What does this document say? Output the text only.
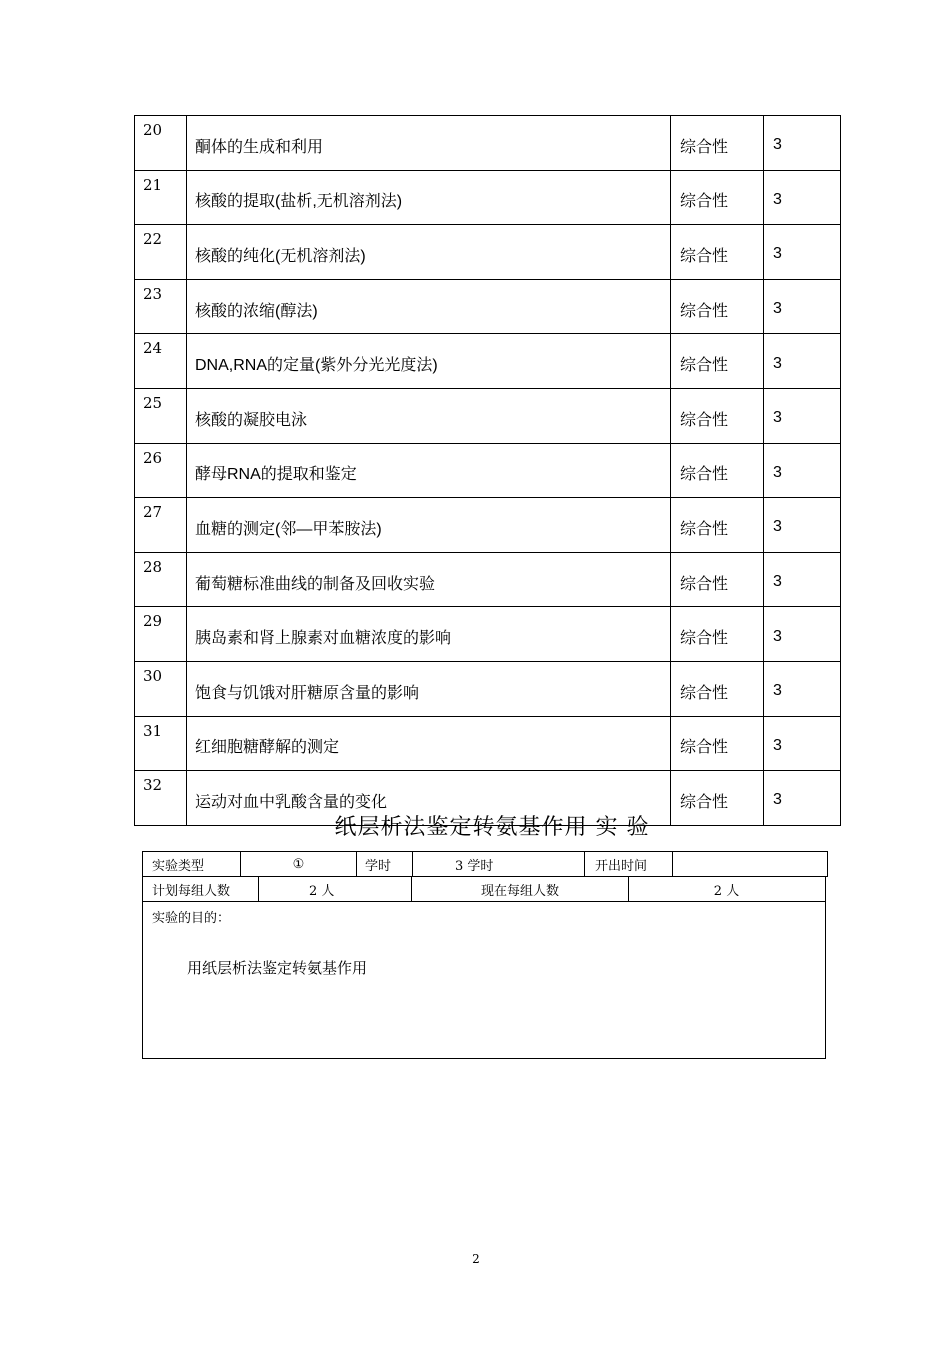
20	酮体的生成和利用	综合性	3
21	核酸的提取(盐析,无机溶剂法)	综合性	3
22	核酸的纯化(无机溶剂法)	综合性	3
23	核酸的浓缩(醇法)	综合性	3
24	DNA,RNA的定量(紫外分光光度法)	综合性	3
25	核酸的凝胶电泳	综合性	3
26	酵母RNA的提取和鉴定	综合性	3
27	血糖的测定(邻—甲苯胺法)	综合性	3
28	葡萄糖标准曲线的制备及回收实验	综合性	3
29	胰岛素和肾上腺素对血糖浓度的影响	综合性	3
30	饱食与饥饿对肝糖原含量的影响	综合性	3
31	红细胞糖酵解的测定	综合性	3
32	运动对血中乳酸含量的变化	综合性	3
纸层析法鉴定转氨基作用 实 验
实验类型	①	学时	3 学时	开出时间
计划每组人数	2 人	现在每组人数	2 人
实验的目的：
用纸层析法鉴定转氨基作用
2
